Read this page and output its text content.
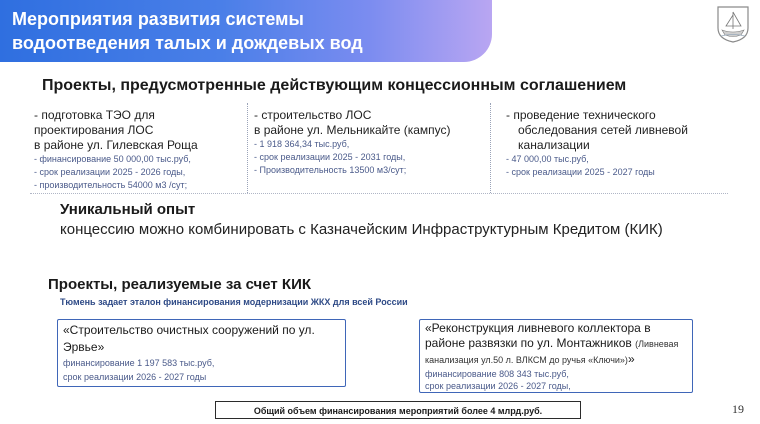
Мероприятия развития системы
водоотведения талых и дождевых вод
Проекты, предусмотренные действующим концессионным соглашением
- подготовка ТЭО для
проектирования ЛОС
в районе ул. Гилевская Роща
- финансирование 50 000,00 тыс.руб,
- срок реализации 2025 - 2026 годы,
- производительность 54000 м3 /сут;
- строительство ЛОС
в районе ул. Мельникайте (кампус)
- 1 918 364,34 тыс.руб,
- срок реализации 2025 - 2031 годы,
- Производительность 13500 м3/сут;
- проведение технического
обследования сетей ливневой
канализации
- 47 000,00 тыс.руб,
- срок реализации 2025 - 2027 годы
Уникальный опыт
концессию можно комбинировать с Казначейским Инфраструктурным Кредитом (КИК)
Проекты, реализуемые за счет КИК
Тюмень задает эталон финансирования модернизации ЖКХ для всей России
«Строительство очистных сооружений по ул. Эрвье»
финансирование 1 197 583 тыс.руб,
срок реализации 2026 - 2027 годы
«Реконструкция ливневого коллектора в
районе развязки по ул. Монтажников (Ливневая
канализация ул.50 л. ВЛКСМ до ручья «Ключи»)»
финансирование 808 343 тыс.руб,
срок реализации 2026 - 2027 годы,
Общий объем финансирования мероприятий более 4 млрд.руб.	19
